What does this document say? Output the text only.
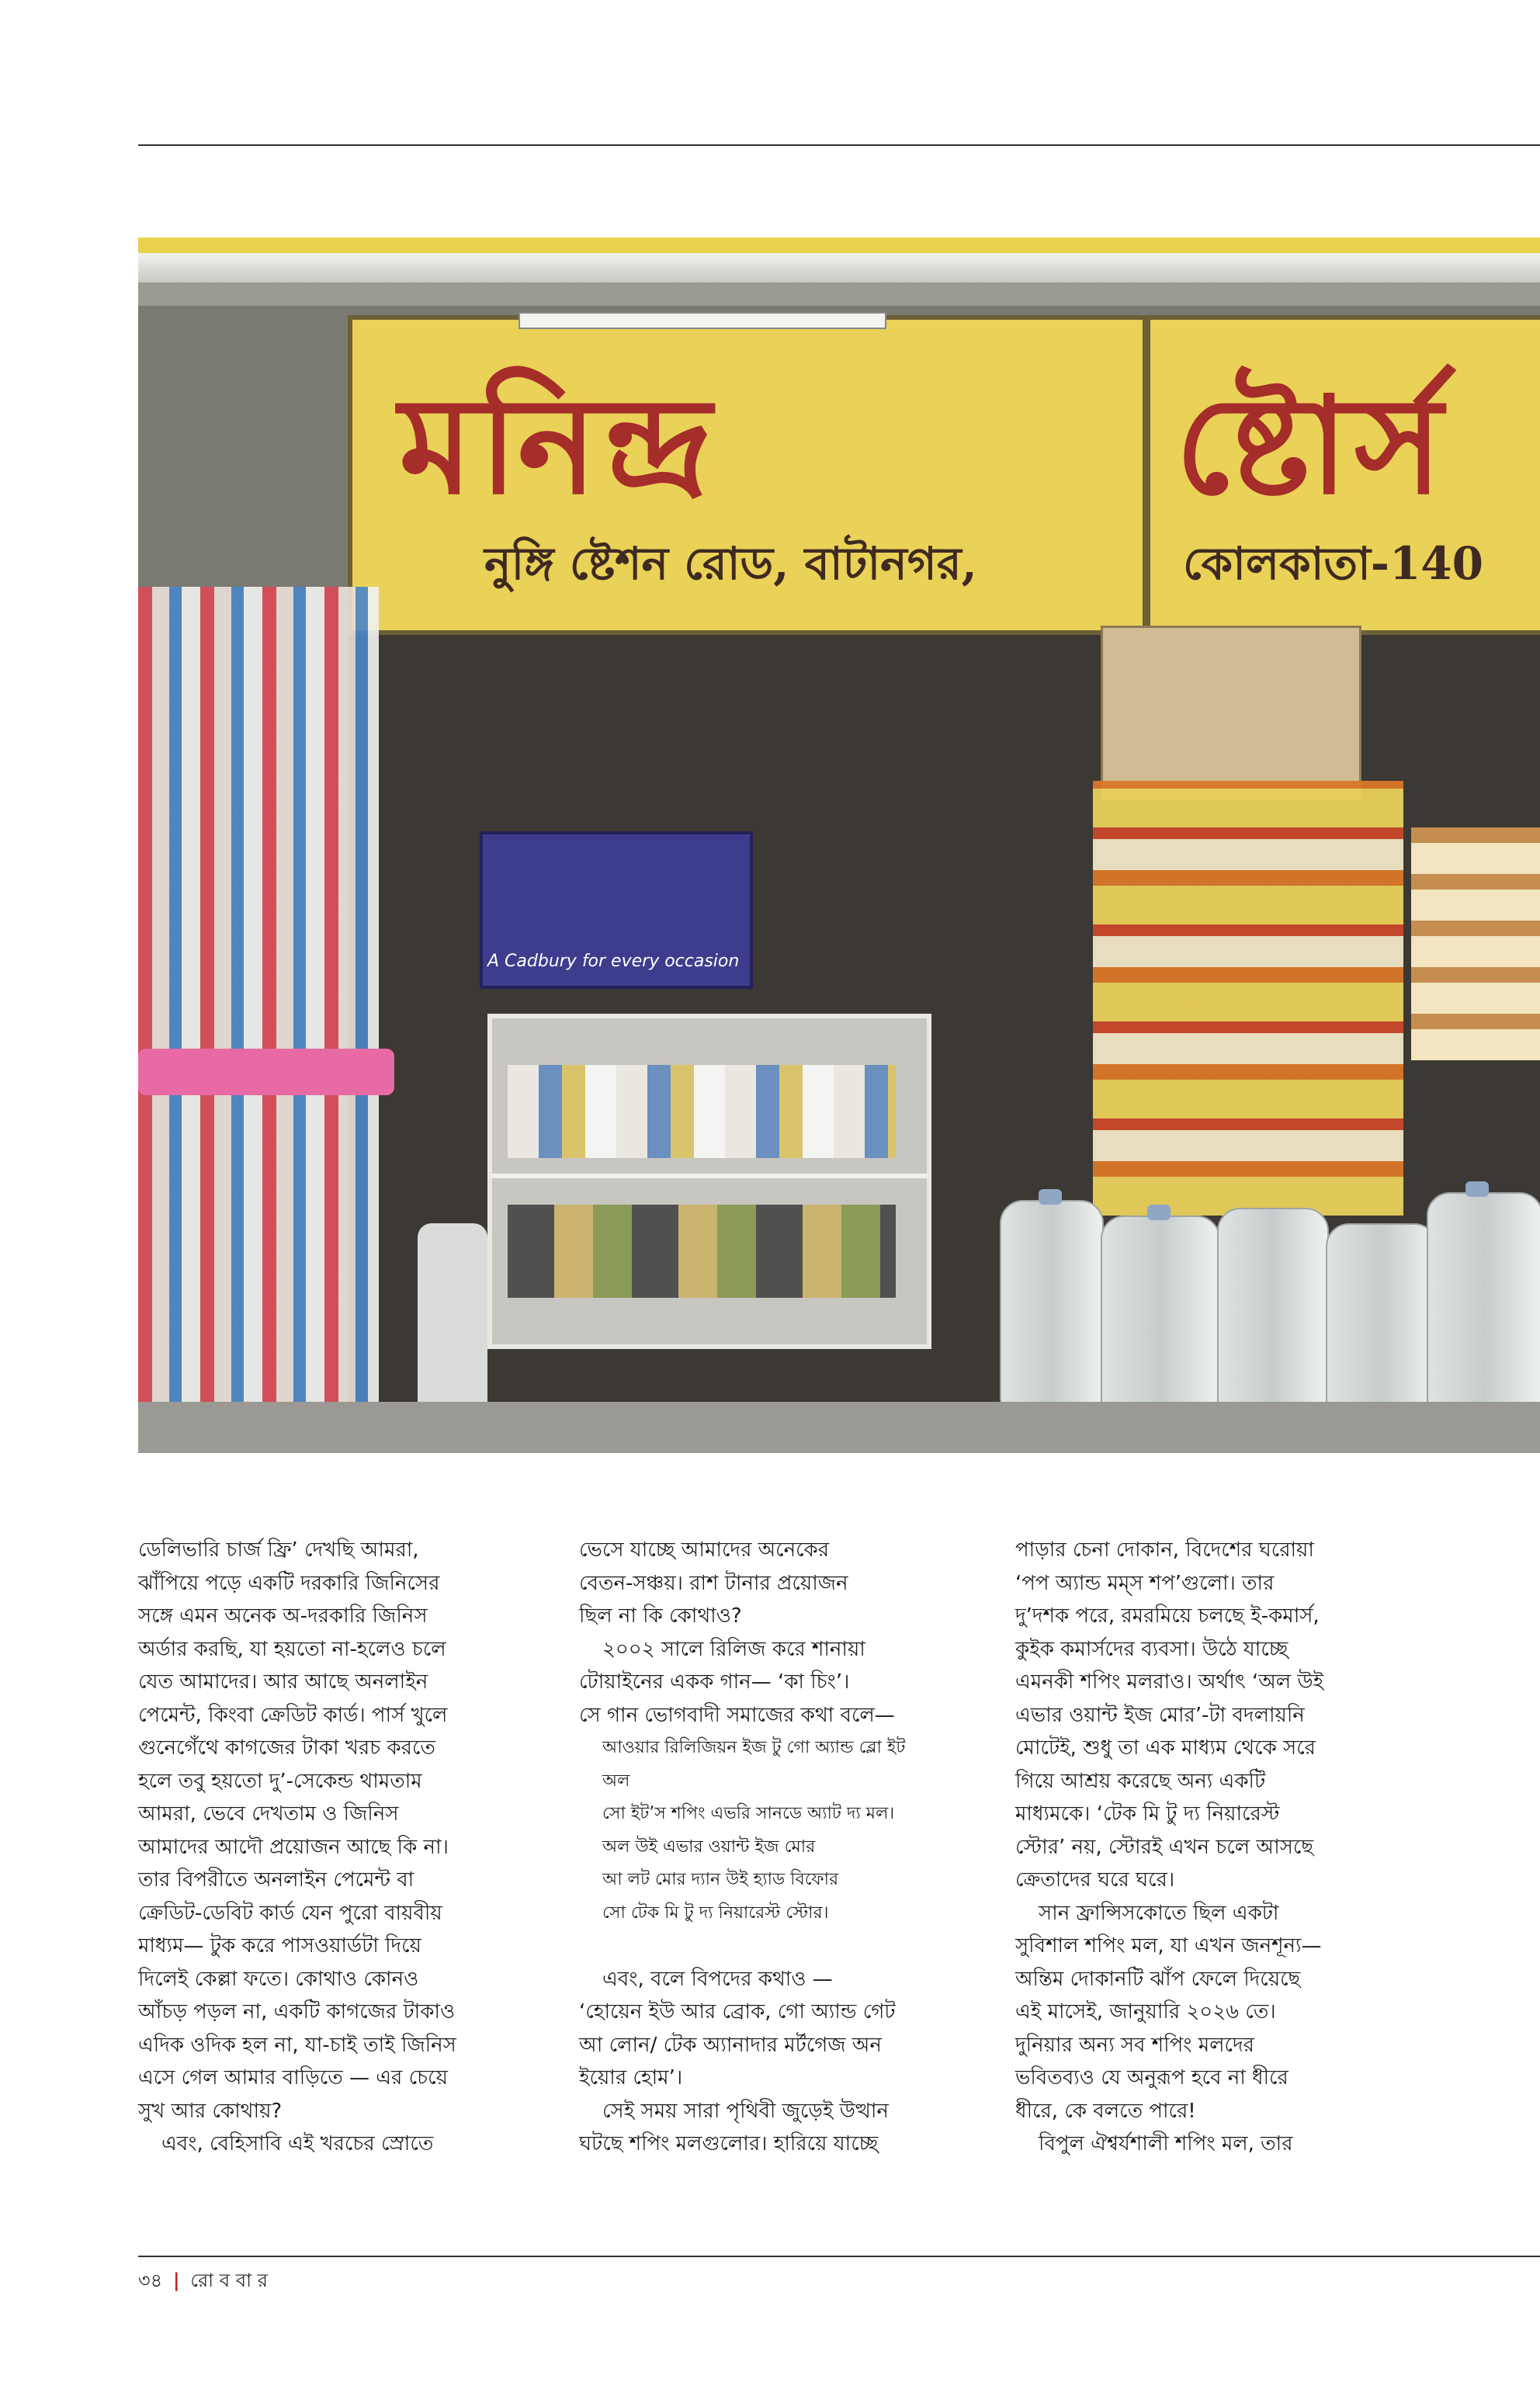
মনিন্দ্র	ষ্টোর্স
নুঙ্গি ষ্টেশন রোড, বাটানগর,	কোলকাতা-140
A Cadbury for every occasion
ডেলিভারি চার্জ ফ্রি’ দেখছি আমরা,
ঝাঁপিয়ে পড়ে একটি দরকারি জিনিসের
সঙ্গে এমন অনেক অ-দরকারি জিনিস
অর্ডার করছি, যা হয়তো না-হলেও চলে
যেত আমাদের। আর আছে অনলাইন
পেমেন্ট, কিংবা ক্রেডিট কার্ড। পার্স খুলে
গুনেগেঁথে কাগজের টাকা খরচ করতে
হলে তবু হয়তো দু’-সেকেন্ড থামতাম
আমরা, ভেবে দেখতাম ও জিনিস
আমাদের আদৌ প্রয়োজন আছে কি না।
তার বিপরীতে অনলাইন পেমেন্ট বা
ক্রেডিট-ডেবিট কার্ড যেন পুরো বায়বীয়
মাধ্যম— টুক করে পাসওয়ার্ডটা দিয়ে
দিলেই কেল্লা ফতে। কোথাও কোনও
আঁচড় পড়ল না, একটি কাগজের টাকাও
এদিক ওদিক হল না, যা-চাই তাই জিনিস
এসে গেল আমার বাড়িতে — এর চেয়ে
সুখ আর কোথায়?
এবং, বেহিসাবি এই খরচের স্রোতে
ভেসে যাচ্ছে আমাদের অনেকের
বেতন-সঞ্চয়। রাশ টানার প্রয়োজন
ছিল না কি কোথাও?
২০০২ সালে রিলিজ করে শানায়া
টোয়াইনের একক গান— ‘কা চিং’।
সে গান ভোগবাদী সমাজের কথা বলে—
আওয়ার রিলিজিয়ন ইজ টু গো অ্যান্ড ব্লো ইট
অল
সো ইট’স শপিং এভরি সানডে অ্যাট দ্য মল।
অল উই এভার ওয়ান্ট ইজ মোর
আ লট মোর দ্যান উই হ্যাড বিফোর
সো টেক মি টু দ্য নিয়ারেস্ট স্টোর।
এবং, বলে বিপদের কথাও —
‘হোয়েন ইউ আর ব্রোক, গো অ্যান্ড গেট
আ লোন/ টেক অ্যানাদার মর্টগেজ অন
ইয়োর হোম’।
সেই সময় সারা পৃথিবী জুড়েই উত্থান
ঘটছে শপিং মলগুলোর। হারিয়ে যাচ্ছে
পাড়ার চেনা দোকান, বিদেশের ঘরোয়া
‘পপ অ্যান্ড মম্‌স শপ’গুলো। তার
দু’দশক পরে, রমরমিয়ে চলছে ই-কমার্স,
কুইক কমার্সদের ব্যবসা। উঠে যাচ্ছে
এমনকী শপিং মলরাও। অর্থাৎ ‘অল উই
এভার ওয়ান্ট ইজ মোর’-টা বদলায়নি
মোটেই, শুধু তা এক মাধ্যম থেকে সরে
গিয়ে আশ্রয় করেছে অন্য একটি
মাধ্যমকে। ‘টেক মি টু দ্য নিয়ারেস্ট
স্টোর’ নয়, স্টোরই এখন চলে আসছে
ক্রেতাদের ঘরে ঘরে।
সান ফ্রান্সিসকোতে ছিল একটা
সুবিশাল শপিং মল, যা এখন জনশূন্য—
অন্তিম দোকানটি ঝাঁপ ফেলে দিয়েছে
এই মাসেই, জানুয়ারি ২০২৬ তে।
দুনিয়ার অন্য সব শপিং মলদের
ভবিতব্যও যে অনুরূপ হবে না ধীরে
ধীরে, কে বলতে পারে!
বিপুল ঐশ্বর্যশালী শপিং মল, তার
৩৪ | রো ব বা র
